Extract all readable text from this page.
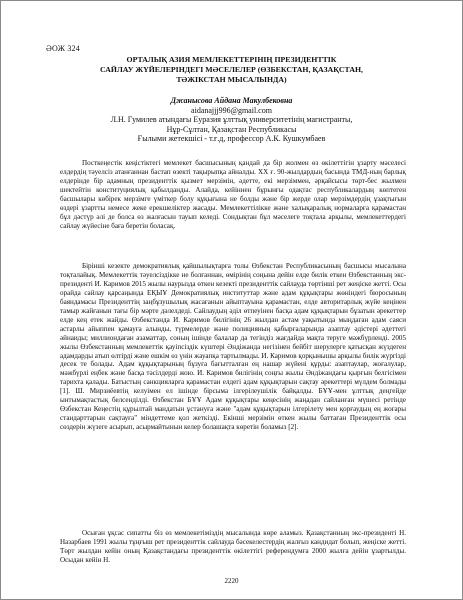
ӘОЖ 324
ОРТАЛЫҚ АЗИЯ МЕМЛЕКЕТТЕРІНІҢ ПРЕЗИДЕНТТІК
САЙЛАУ ЖҮЙЕЛЕРІНДЕГІ МӘСЕЛЕЛЕР (ӨЗБЕКСТАН, ҚАЗАҚСТАН,
ТӘЖІКСТАН МЫСАЛЫНДА)
Джанысова Айдана Макулбековна
aidanajjj996@gmail.com
Л.Н. Гумилев атындағы Еуразия ұлттық университетінің магистранты,
Нұр-Сұлтан, Қазақстан Республикасы
Ғылыми жетекшісі - т.ғ.д, профессор А.К. Кушкумбаев

Посткеңестік кеңістіктегі мемлекет басшысының қандай да бір жолмен өз өкілеттігін ұзарту мәселесі елдердің тәуелсіз атанғаннан бастап өзекті тақырыпқа айналды. ХХ ғ. 90-жылдардың басында ТМД-ның барлық елдерінде бір адамның президенттік қызмет мерзімін, әдетте, екі мерзіммен, әрқайсысы төрт-бес жылмен шектейтін конституциялық қабылданды. Алайда, кейіннен бұрынғы одақтас республикалардың көптеген басшылары көбірек мерзімге үміткер болу құқығына не болды және бір жерде олар мерзімдердің ұзақтығын өздері ұзартты немесе жеке ерекшеліктер жасады. Мемлекеттілікке және халықаралық нормаларға қарамастан бұл дәстүр әлі де болса өз жалғасын тауып келеді. Сондықтан бұл мәселеге тоқтала арқылы, мемлекеттердегі сайлау жүйесіне баға беретін боласақ.

Бірінші кезекте демократиялық қайшылықтарға толы Өзбекстан Республикасының басшысы мысалына тоқталайық. Мемлекеттік тәуелсіздікке не болғаннан, өмірінің соңына дейін елде билік еткен Өзбекстанның экс-президенті И. Каримов 2015 жылы наурызда өткен кезекті президенттік сайлауда төртінші рет жеңіске жетті. Осы орайда сайлау қарсаңында ЕҚЫҰ Демократиялық институттар және адам құқықтары жөніндегі бюросының баяндамасы Президенттің заңбұзушылық жасағанын айыптауына қарамастан, елде авторитарлық жүйе кеңінен тамыр жайғанын тағы бір мәрте дәлелдеді. Сайлаудың әділ өтпеуінен басқа адам құқықтарын бұзатын әрекеттер елде кең етек жайды. Өзбекстанда И. Каримов билігінің 26 жылдан астам уақытында мыңдаған адам саяси астарлы айыппен қамауға алынды, түрмелерде және полицияның қабырғаларында азаптау әдістері әдеттегі әйнаиды; миллиондаған азаматтар, соның ішінде балалар да тегіндіз жағдайда мақта теруге мәжбүрленді. 2005 жылы Өзбекстанның мемлекеттік қауіпсіздік күштері Әндіжанда негізінен бейбіт шерулерге қатысқан жүздеген адамдарды атып өлтірді және ешкім өз үнін жауапқа тартылмады. И. Каримов қорқынышы арқылы билік жүргізді десек те болады. Адам құқықтарының бұзуға бағытталған ең нашар жүйені құрды: азаптаулар, жоғалулар, мәжбүрлі еңбек және басқа тәсілдерді жою. И. Каримов билігінің соңғы жылы Әндіжандағы қырғын белгісімен тарихта қалады. Батыстың санкцияларға қарамастан елдегі адам құқықтарын сақтау әрекеттері мүлдем болмады [1]. Ш. Мирзиёевтің келуімен ел ішінде бірсыма ілгерілеушілік байқалды. БҰҰ-мен ұлттық деңгейде ынтымақтастық белсенділді. Өзбекстан БҰҰ Адам құқықтары кеңесінің жаңадан сайланған мүшесі ретінде Өзбекстан Кеңестің құрылтай мандатын ұстануға және "адам құқықтарын ілгерілету мен қорғаудың ең жоғары стандарттарын сақтауға" міндеттеме қол жеткізді. Екінші мерзімін өткен жылы баттаған Президенттік осы сөздерін жүзеге асырып, асырмайтынын келер болашақта көретін боламыз [2].

Осыған ұқсас сипатты біз өз мемлекетіміздің мысалында көре аламыз. Қазақстанның экс-президенті Н. Назарбаев 1991 жылы тұңғыш рет президенттік сайлауда бәсекелестердің жалғыз кандидат болып, жеңіске жетті. Төрт жылдан кейін оның Қазақстандағы президенттік өкілеттігі референдумға 2000 жылға дейін ұзартылды. Осыдан кейін Н.

2220
